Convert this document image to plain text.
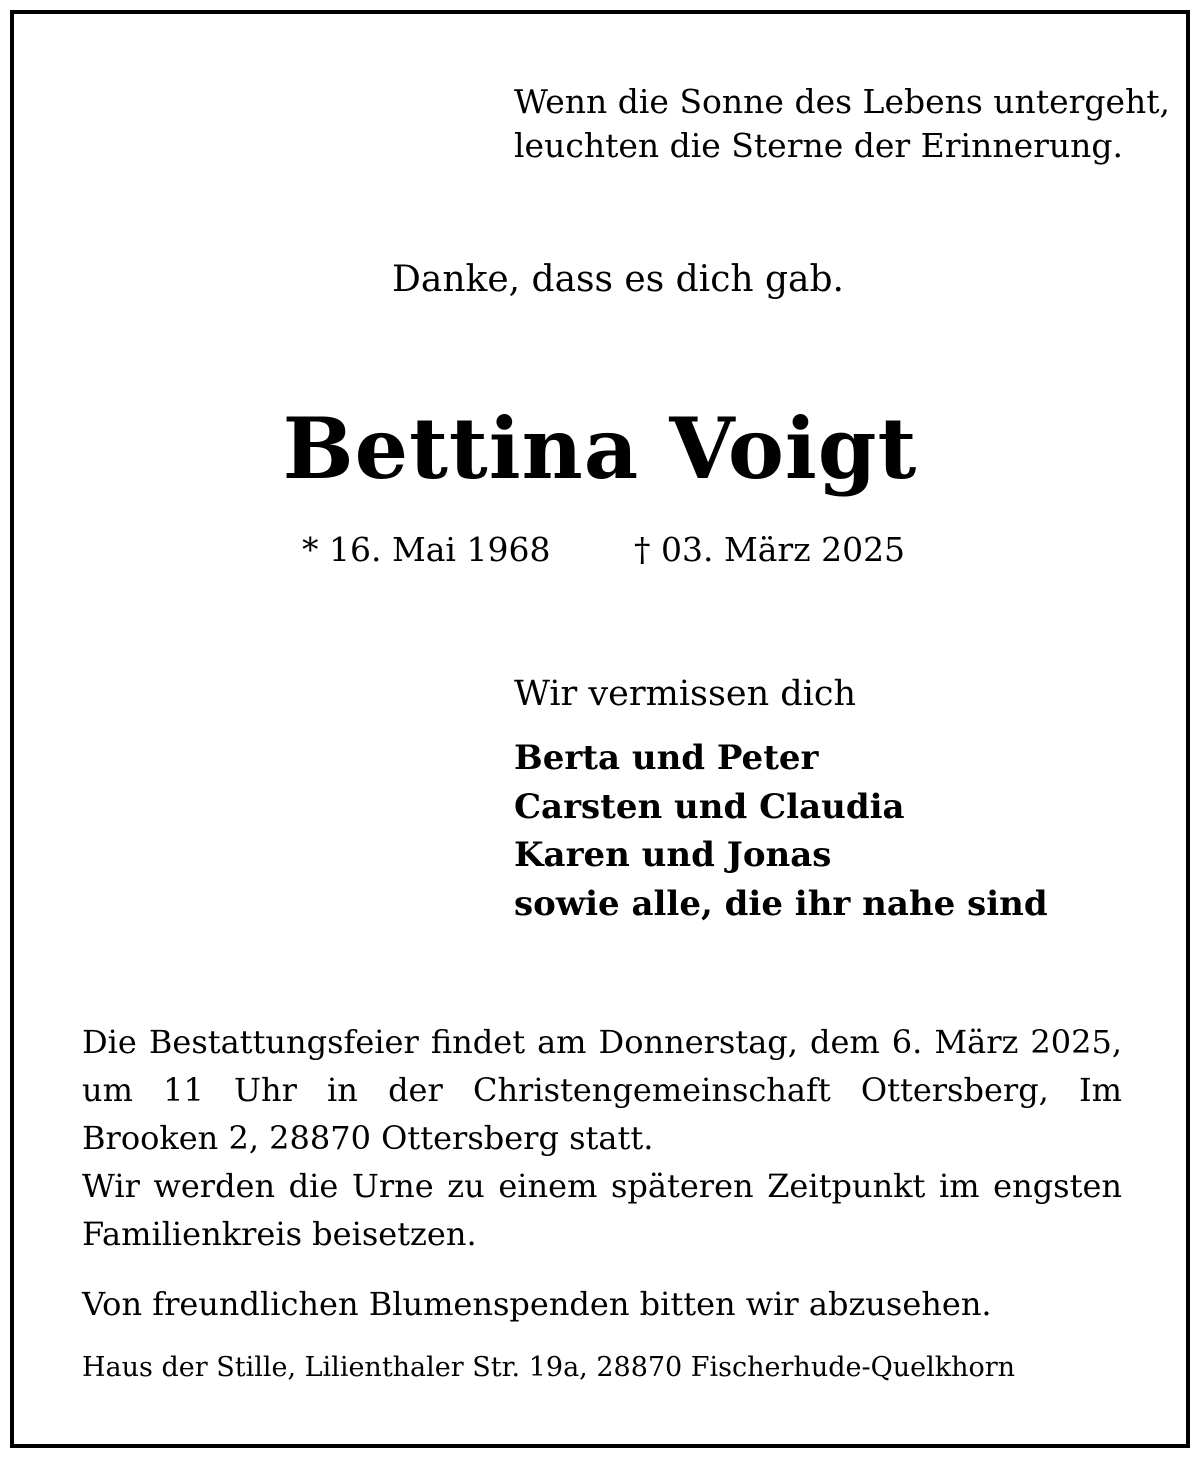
Wenn die Sonne des Lebens untergeht,
leuchten die Sterne der Erinnerung.
Danke, dass es dich gab.
Bettina Voigt
* 16. Mai 1968	† 03. März 2025
Wir vermissen dich
Berta und Peter
Carsten und Claudia
Karen und Jonas
sowie alle, die ihr nahe sind
Die Bestattungsfeier findet am Donnerstag, dem 6. März 2025, um 11 Uhr in der Christengemeinschaft Ottersberg, Im Brooken 2, 28870 Ottersberg statt.
Wir werden die Urne zu einem späteren Zeitpunkt im engsten Familienkreis beisetzen.
Von freundlichen Blumenspenden bitten wir abzusehen.
Haus der Stille, Lilienthaler Str. 19a, 28870 Fischerhude-Quelkhorn
